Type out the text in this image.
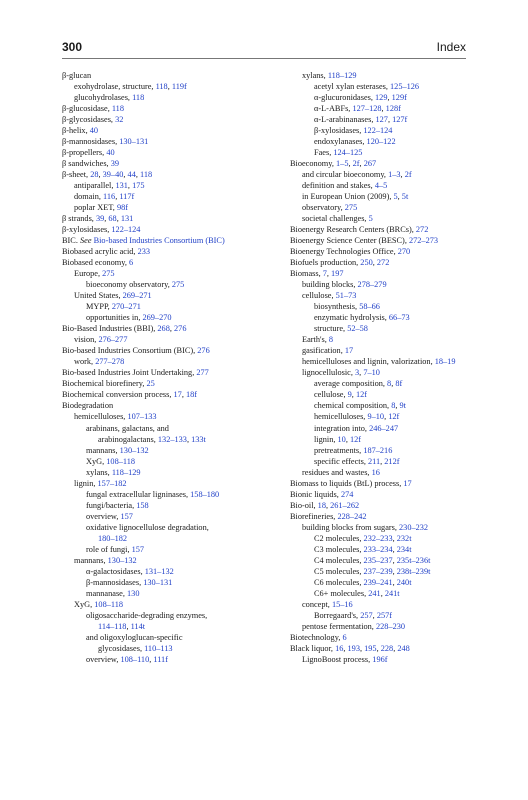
300	Index
β-glucan
exohydrolase, structure, 118, 119f
glucohydrolases, 118
β-glucosidase, 118
β-glycosidases, 32
β-helix, 40
β-mannosidases, 130–131
β-propellers, 40
β sandwiches, 39
β-sheet, 28, 39–40, 44, 118
antiparallel, 131, 175
domain, 116, 117f
poplar XET, 98f
β strands, 39, 68, 131
β-xylosidases, 122–124
BIC. See Bio-based Industries Consortium (BIC)
Biobased acrylic acid, 233
Biobased economy, 6
Europe, 275
bioeconomy observatory, 275
United States, 269–271
MYPP, 270–271
opportunities in, 269–270
Bio-Based Industries (BBI), 268, 276
vision, 276–277
Bio-based Industries Consortium (BIC), 276
work, 277–278
Bio-based Industries Joint Undertaking, 277
Biochemical biorefinery, 25
Biochemical conversion process, 17, 18f
Biodegradation
hemicelluloses, 107–133
arabinans, galactans, and
arabinogalactans, 132–133, 133t
mannans, 130–132
XyG, 108–118
xylans, 118–129
lignin, 157–182
fungal extracellular ligninases, 158–180
fungi/bacteria, 158
overview, 157
oxidative lignocellulose degradation,
180–182
role of fungi, 157
mannans, 130–132
α-galactosidases, 131–132
β-mannosidases, 130–131
mannanase, 130
XyG, 108–118
oligosaccharide-degrading enzymes,
114–118, 114t
and oligoxyloglucan-specific
glycosidases, 110–113
overview, 108–110, 111f
xylans, 118–129
acetyl xylan esterases, 125–126
α-glucuronidases, 129, 129f
α-L-ABFs, 127–128, 128f
α-L-arabinanases, 127, 127f
β-xylosidases, 122–124
endoxylanases, 120–122
Faes, 124–125
Bioeconomy, 1–5, 2f, 267
and circular bioeconomy, 1–3, 2f
definition and stakes, 4–5
in European Union (2009), 5, 5t
observatory, 275
societal challenges, 5
Bioenergy Research Centers (BRCs), 272
Bioenergy Science Center (BESC), 272–273
Bioenergy Technologies Office, 270
Biofuels production, 250, 272
Biomass, 7, 197
building blocks, 278–279
cellulose, 51–73
biosynthesis, 58–66
enzymatic hydrolysis, 66–73
structure, 52–58
Earth's, 8
gasification, 17
hemicelluloses and lignin, valorization, 18–19
lignocellulosic, 3, 7–10
average composition, 8, 8f
cellulose, 9, 12f
chemical composition, 8, 9t
hemicelluloses, 9–10, 12f
integration into, 246–247
lignin, 10, 12f
pretreatments, 187–216
specific effects, 211, 212f
residues and wastes, 16
Biomass to liquids (BtL) process, 17
Bionic liquids, 274
Bio-oil, 18, 261–262
Biorefineries, 228–242
building blocks from sugars, 230–232
C2 molecules, 232–233, 232t
C3 molecules, 233–234, 234t
C4 molecules, 235–237, 235t–236t
C5 molecules, 237–239, 238t–239t
C6 molecules, 239–241, 240t
C6+ molecules, 241, 241t
concept, 15–16
Borregaard's, 257, 257f
pentose fermentation, 228–230
Biotechnology, 6
Black liquor, 16, 193, 195, 228, 248
LignoBoost process, 196f
